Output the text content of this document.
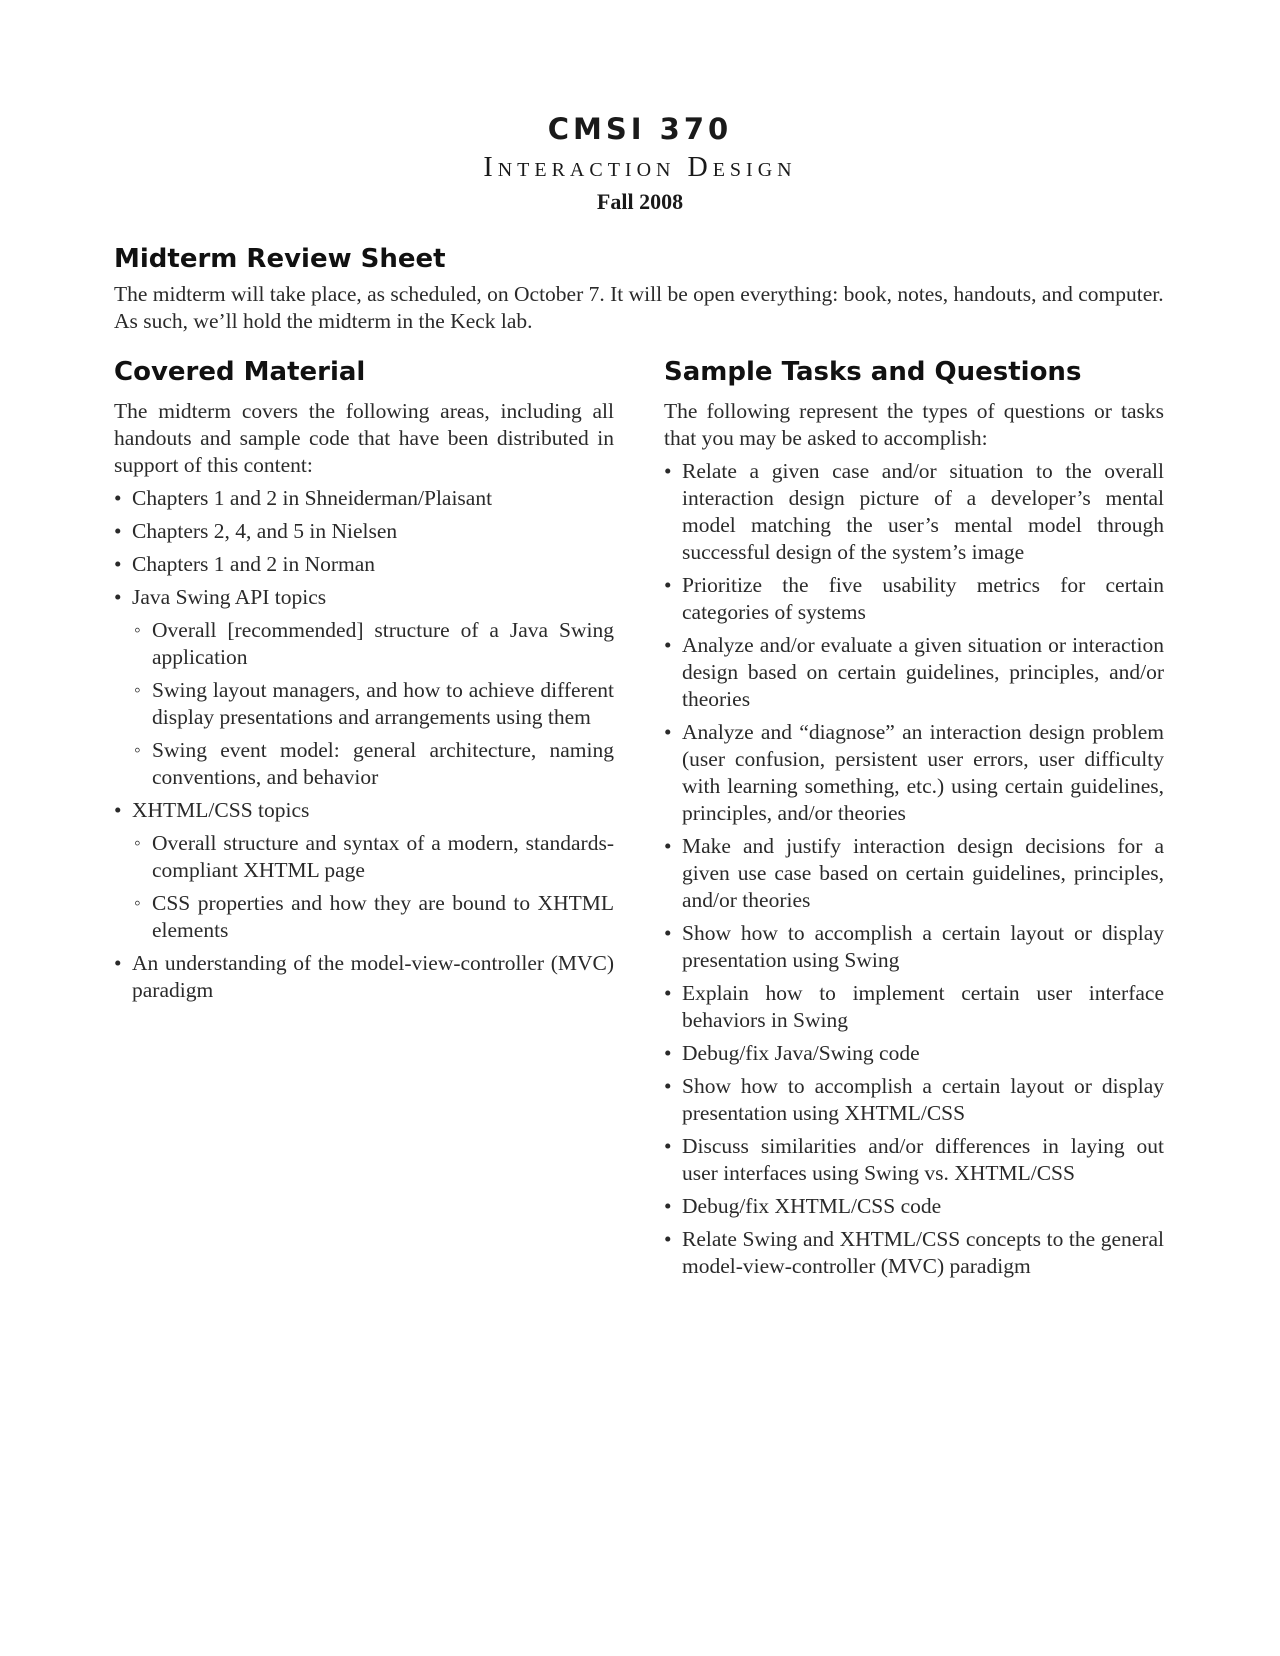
CMSI 370
Interaction Design
Fall 2008
Midterm Review Sheet

The midterm will take place, as scheduled, on October 7. It will be open everything: book, notes, handouts, and computer. As such, we’ll hold the midterm in the Keck lab.

Covered Material

The midterm covers the following areas, including all handouts and sample code that have been distributed in support of this content:

• Chapters 1 and 2 in Shneiderman/Plaisant
• Chapters 2, 4, and 5 in Nielsen
• Chapters 1 and 2 in Norman
• Java Swing API topics
◦ Overall [recommended] structure of a Java Swing application
◦ Swing layout managers, and how to achieve different display presentations and arrangements using them
◦ Swing event model: general architecture, naming conventions, and behavior
• XHTML/CSS topics
◦ Overall structure and syntax of a modern, standards-compliant XHTML page
◦ CSS properties and how they are bound to XHTML elements
• An understanding of the model-view-controller (MVC) paradigm
Sample Tasks and Questions

The following represent the types of questions or tasks that you may be asked to accomplish:

• Relate a given case and/or situation to the overall interaction design picture of a developer’s mental model matching the user’s mental model through successful design of the system’s image
• Prioritize the five usability metrics for certain categories of systems
• Analyze and/or evaluate a given situation or interaction design based on certain guidelines, principles, and/or theories
• Analyze and “diagnose” an interaction design problem (user confusion, persistent user errors, user difficulty with learning something, etc.) using certain guidelines, principles, and/or theories
• Make and justify interaction design decisions for a given use case based on certain guidelines, principles, and/or theories
• Show how to accomplish a certain layout or display presentation using Swing
• Explain how to implement certain user interface behaviors in Swing
• Debug/fix Java/Swing code
• Show how to accomplish a certain layout or display presentation using XHTML/CSS
• Discuss similarities and/or differences in laying out user interfaces using Swing vs. XHTML/CSS
• Debug/fix XHTML/CSS code
• Relate Swing and XHTML/CSS concepts to the general model-view-controller (MVC) paradigm
